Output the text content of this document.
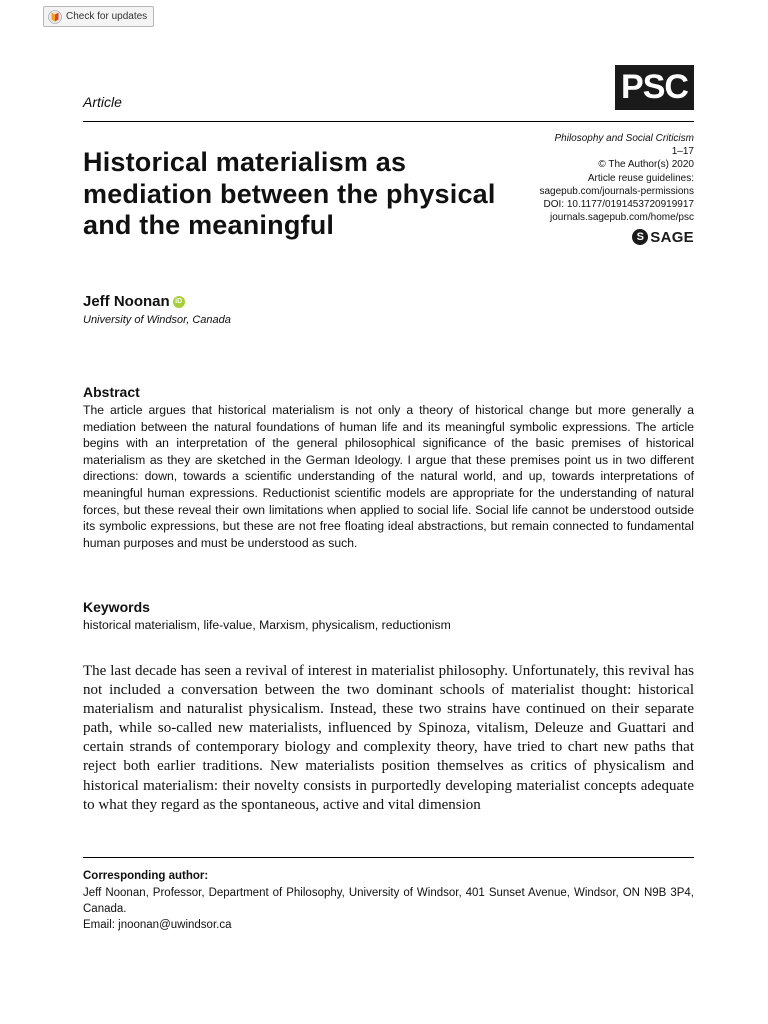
Check for updates
Article	PSC
Historical materialism as mediation between the physical and the meaningful
Philosophy and Social Criticism
1–17
© The Author(s) 2020
Article reuse guidelines:
sagepub.com/journals-permissions
DOI: 10.1177/0191453720919917
journals.sagepub.com/home/psc
S SAGE
Jeff Noonan iD
University of Windsor, Canada
Abstract
The article argues that historical materialism is not only a theory of historical change but more generally a mediation between the natural foundations of human life and its meaningful symbolic expressions. The article begins with an interpretation of the general philosophical significance of the basic premises of historical materialism as they are sketched in the German Ideology. I argue that these premises point us in two different directions: down, towards a scientific understanding of the natural world, and up, towards interpretations of meaningful human expressions. Reductionist scientific models are appropriate for the understanding of natural forces, but these reveal their own limitations when applied to social life. Social life cannot be understood outside its symbolic expressions, but these are not free floating ideal abstractions, but remain connected to fundamental human purposes and must be understood as such.
Keywords
historical materialism, life-value, Marxism, physicalism, reductionism
The last decade has seen a revival of interest in materialist philosophy. Unfortunately, this revival has not included a conversation between the two dominant schools of materialist thought: historical materialism and naturalist physicalism. Instead, these two strains have continued on their separate path, while so-called new materialists, influenced by Spinoza, vitalism, Deleuze and Guattari and certain strands of contemporary biology and complexity theory, have tried to chart new paths that reject both earlier traditions. New materialists position themselves as critics of physicalism and historical materialism: their novelty consists in purportedly developing materialist concepts adequate to what they regard as the spontaneous, active and vital dimension
Corresponding author:
Jeff Noonan, Professor, Department of Philosophy, University of Windsor, 401 Sunset Avenue, Windsor, ON N9B 3P4, Canada.
Email: jnoonan@uwindsor.ca
